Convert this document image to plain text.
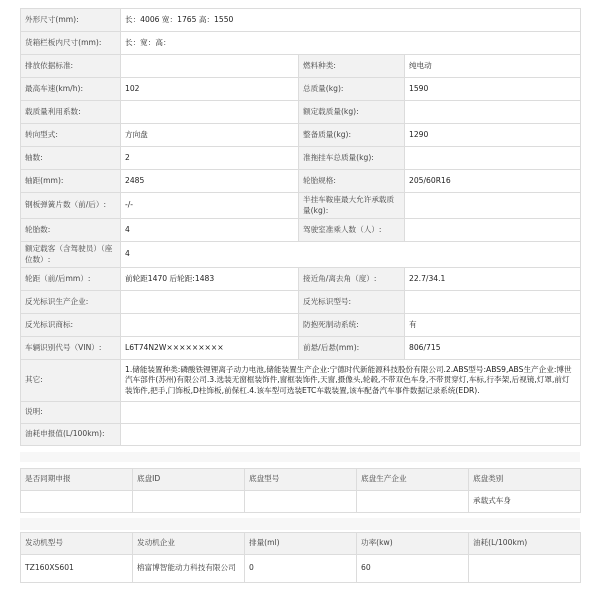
外形尺寸(mm):	长：4006 宽：1765 高：1550		
货箱栏板内尺寸(mm):	长：宽：高：		
排放依据标准:		燃料种类:	纯电动
最高车速(km/h):	102	总质量(kg):	1590
载质量利用系数:		额定载质量(kg):	
转向型式:	方向盘	整备质量(kg):	1290
轴数:	2	准拖挂车总质量(kg):	
轴距(mm):	2485	轮胎规格:	205/60R16
钢板弹簧片数（前/后）:	-/-	半挂车鞍座最大允许承载质量(kg):	
轮胎数:	4	驾驶室准乘人数（人）:	
额定载客（含驾驶员）（座位数）:	4		
轮距（前/后mm）:	前轮距1470 后轮距:1483	接近角/离去角（度）:	22.7/34.1
反光标识生产企业:		反光标识型号:	
反光标识商标:		防抱死制动系统:	有
车辆识别代号（VIN）:	L6T74N2W×××××××××	前悬/后悬(mm):	806/715
其它:	1.储能装置种类:磷酸铁锂锂离子动力电池,储能装置生产企业:宁德时代新能源科技股份有限公司.2.ABS型号:ABS9,ABS生产企业:博世汽车部件(苏州)有限公司.3.选装无窗框装饰件,窗框装饰件,天窗,摄像头,轮毂,不带双色车身,不带贯穿灯,车标,行李架,后视镜,灯罩,前灯装饰件,把手,门饰板,D柱饰板,前保杠.4.该车型可选装ETC车载装置,该车配备汽车事件数据记录系统(EDR).		
说明:			
油耗申报值(L/100km):			
是否同期申报	底盘ID	底盘型号	底盘生产企业	底盘类别
				承载式车身
发动机型号	发动机企业	排量(ml)	功率(kw)	油耗(L/100km)
TZ160XS601	榕富博智能动力科技有限公司	0	60	
